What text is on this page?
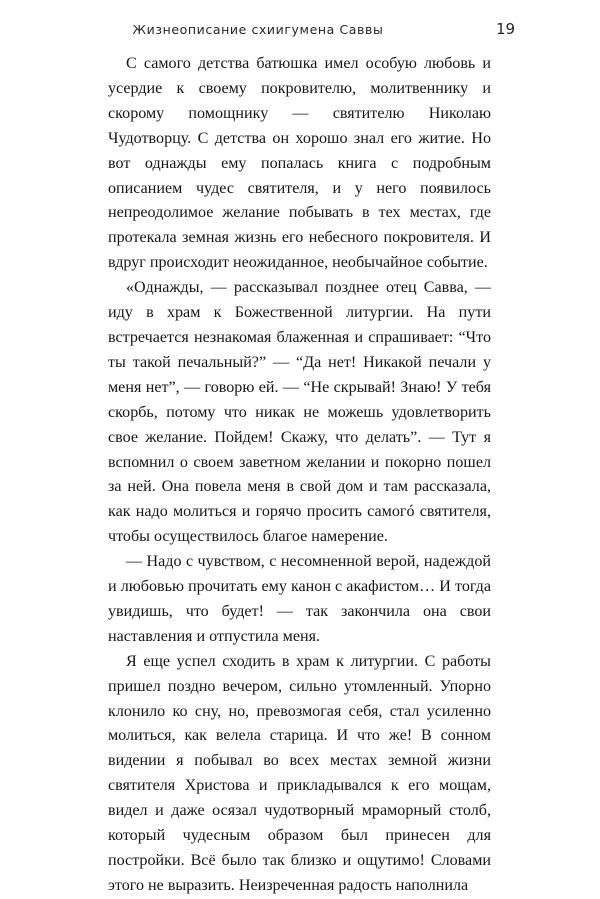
Жизнеописание схиигумена Саввы	19

С самого детства батюшка имел особую любовь и усердие к своему покровителю, молитвеннику и скорому помощнику — святителю Николаю Чудотворцу. С детства он хорошо знал его житие. Но вот однажды ему попалась книга с подробным описанием чудес святителя, и у него появилось непреодолимое желание побывать в тех местах, где протекала земная жизнь его небесного покровителя. И вдруг происходит неожиданное, необычайное событие.

«Однажды, — рассказывал позднее отец Савва, — иду в храм к Божественной литургии. На пути встречается незнакомая блаженная и спрашивает: “Что ты такой печальный?” — “Да нет! Никакой печали у меня нет”, — говорю ей. — “Не скрывай! Знаю! У тебя скорбь, потому что никак не можешь удовлетворить свое желание. Пойдем! Скажу, что делать”. — Тут я вспомнил о своем заветном желании и покорно пошел за ней. Она повела меня в свой дом и там рассказала, как надо молиться и горячо просить самогó святителя, чтобы осуществилось благое намерение.

— Надо с чувством, с несомненной верой, надеждой и любовью прочитать ему канон с акафистом… И тогда увидишь, что будет! — так закончила она свои наставления и отпустила меня.

Я еще успел сходить в храм к литургии. С работы пришел поздно вечером, сильно утомленный. Упорно клонило ко сну, но, превозмогая себя, стал усиленно молиться, как велела старица. И что же! В сонном видении я побывал во всех местах земной жизни святителя Христова и прикладывался к его мощам, видел и даже осязал чудотворный мраморный столб, который чудесным образом был принесен для постройки. Всё было так близко и ощутимо! Словами этого не выразить. Неизреченная радость наполнила
